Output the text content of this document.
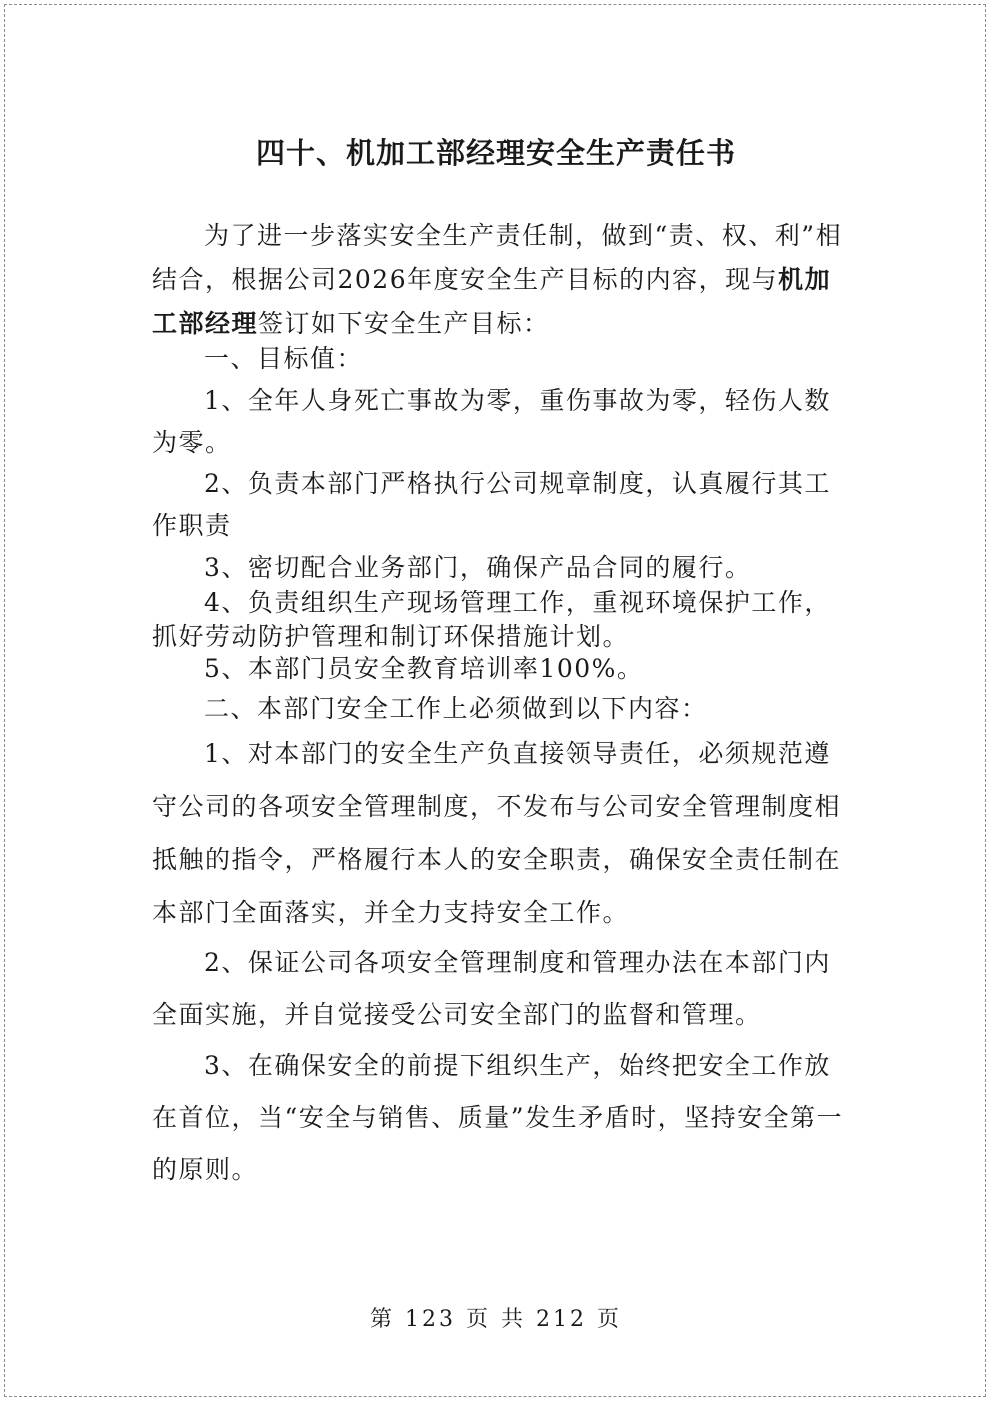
四十、机加工部经理安全生产责任书

为了进一步落实安全生产责任制，做到“责、权、利”相结合，根据公司2026年度安全生产目标的内容，现与机加工部经理签订如下安全生产目标：

一、目标值：

1、全年人身死亡事故为零，重伤事故为零，轻伤人数为零。

2、负责本部门严格执行公司规章制度，认真履行其工作职责

3、密切配合业务部门，确保产品合同的履行。

4、负责组织生产现场管理工作，重视环境保护工作，抓好劳动防护管理和制订环保措施计划。

5、本部门员安全教育培训率100%。

二、本部门安全工作上必须做到以下内容：

1、对本部门的安全生产负直接领导责任，必须规范遵守公司的各项安全管理制度，不发布与公司安全管理制度相抵触的指令，严格履行本人的安全职责，确保安全责任制在本部门全面落实，并全力支持安全工作。

2、保证公司各项安全管理制度和管理办法在本部门内全面实施，并自觉接受公司安全部门的监督和管理。

3、在确保安全的前提下组织生产，始终把安全工作放在首位，当“安全与销售、质量”发生矛盾时，坚持安全第一的原则。

第 123 页 共 212 页
